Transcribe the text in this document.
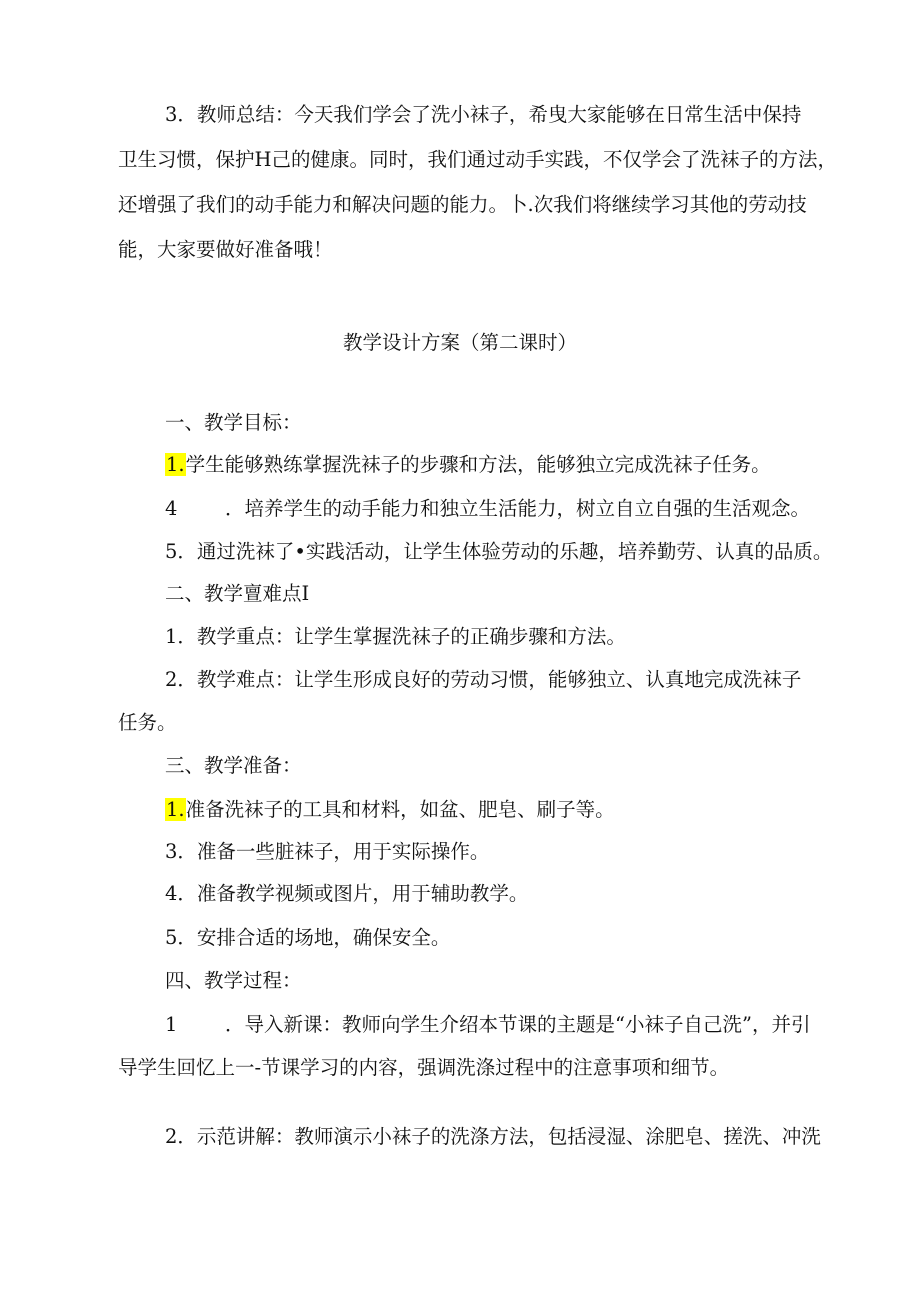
3．教师总结：今天我们学会了洗小袜子，希曳大家能够在日常生活中保持
卫生习惯，保护H己的健康。同时，我们通过动手实践，不仅学会了洗袜子的方法，
还增强了我们的动手能力和解决问题的能力。卜.次我们将继续学习其他的劳动技
能，大家要做好准备哦！
教学设计方案（第二课时）
一、教学目标：
1.学生能够熟练掌握洗袜子的步骤和方法，能够独立完成洗袜子任务。
4 ．培养学生的动手能力和独立生活能力，树立自立自强的生活观念。
5．通过洗袜了•实践活动，让学生体验劳动的乐趣，培养勤劳、认真的品质。
二、教学亶难点I
1．教学重点：让学生掌握洗袜子的正确步骤和方法。
2．教学难点：让学生形成良好的劳动习惯，能够独立、认真地完成洗袜子
任务。
三、教学准备：
1.准备洗袜子的工具和材料，如盆、肥皂、刷子等。
3．准备一些脏袜子，用于实际操作。
4．准备教学视频或图片，用于辅助教学。
5．安排合适的场地，确保安全。
四、教学过程：
1 ．导入新课：教师向学生介绍本节课的主题是“小袜子自己洗”，并引
导学生回忆上一-节课学习的内容，强调洗涤过程中的注意事项和细节。
2．示范讲解：教师演示小袜子的洗涤方法，包括浸湿、涂肥皂、搓洗、冲洗
